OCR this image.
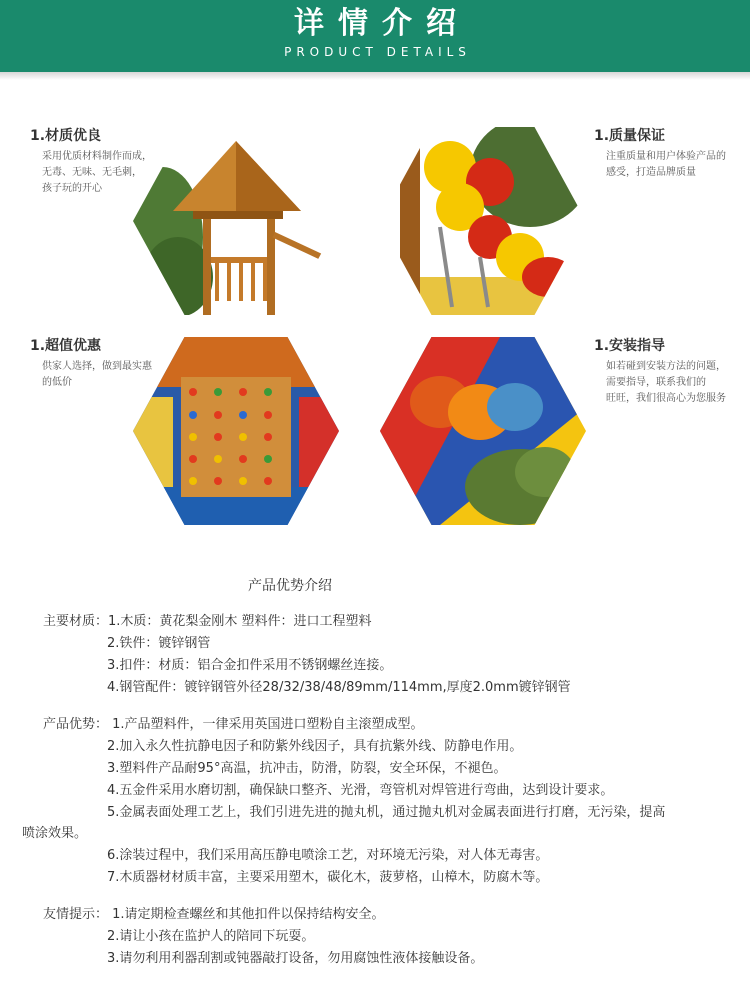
详情介绍
PRODUCT DETAILS
1.材质优良
采用优质材料制作而成，
无毒、无味、无毛刺，
孩子玩的开心
1.质量保证
注重质量和用户体验产品的
感受，打造品牌质量
1.超值优惠
供家人选择，做到最实惠
的低价
1.安装指导
如若碰到安装方法的问题，
需要指导，联系我们的
旺旺，我们很高心为您服务
产品优势介绍
主要材质：1.木质：黄花梨金刚木 塑料件：进口工程塑料
2.铁件：镀锌钢管
3.扣件：材质：铝合金扣件采用不锈钢螺丝连接。
4.钢管配件：镀锌钢管外径28/32/38/48/89mm/114mm,厚度2.0mm镀锌钢管
产品优势： 1.产品塑料件，一律采用英国进口塑粉自主滚塑成型。
2.加入永久性抗静电因子和防紫外线因子，具有抗紫外线、防静电作用。
3.塑料件产品耐95°高温，抗冲击，防滑，防裂，安全环保，不褪色。
4.五金件采用水磨切割，确保缺口整齐、光滑，弯管机对焊管进行弯曲，达到设计要求。
5.金属表面处理工艺上，我们引进先进的抛丸机，通过抛丸机对金属表面进行打磨，无污染，提高
喷涂效果。
6.涂装过程中，我们采用高压静电喷涂工艺，对环境无污染，对人体无毒害。
7.木质器材材质丰富，主要采用塑木，碳化木，菠萝格，山樟木，防腐木等。
友情提示： 1.请定期检查螺丝和其他扣件以保持结构安全。
2.请让小孩在监护人的陪同下玩耍。
3.请勿利用利器刮割或钝器敲打设备，勿用腐蚀性液体接触设备。
